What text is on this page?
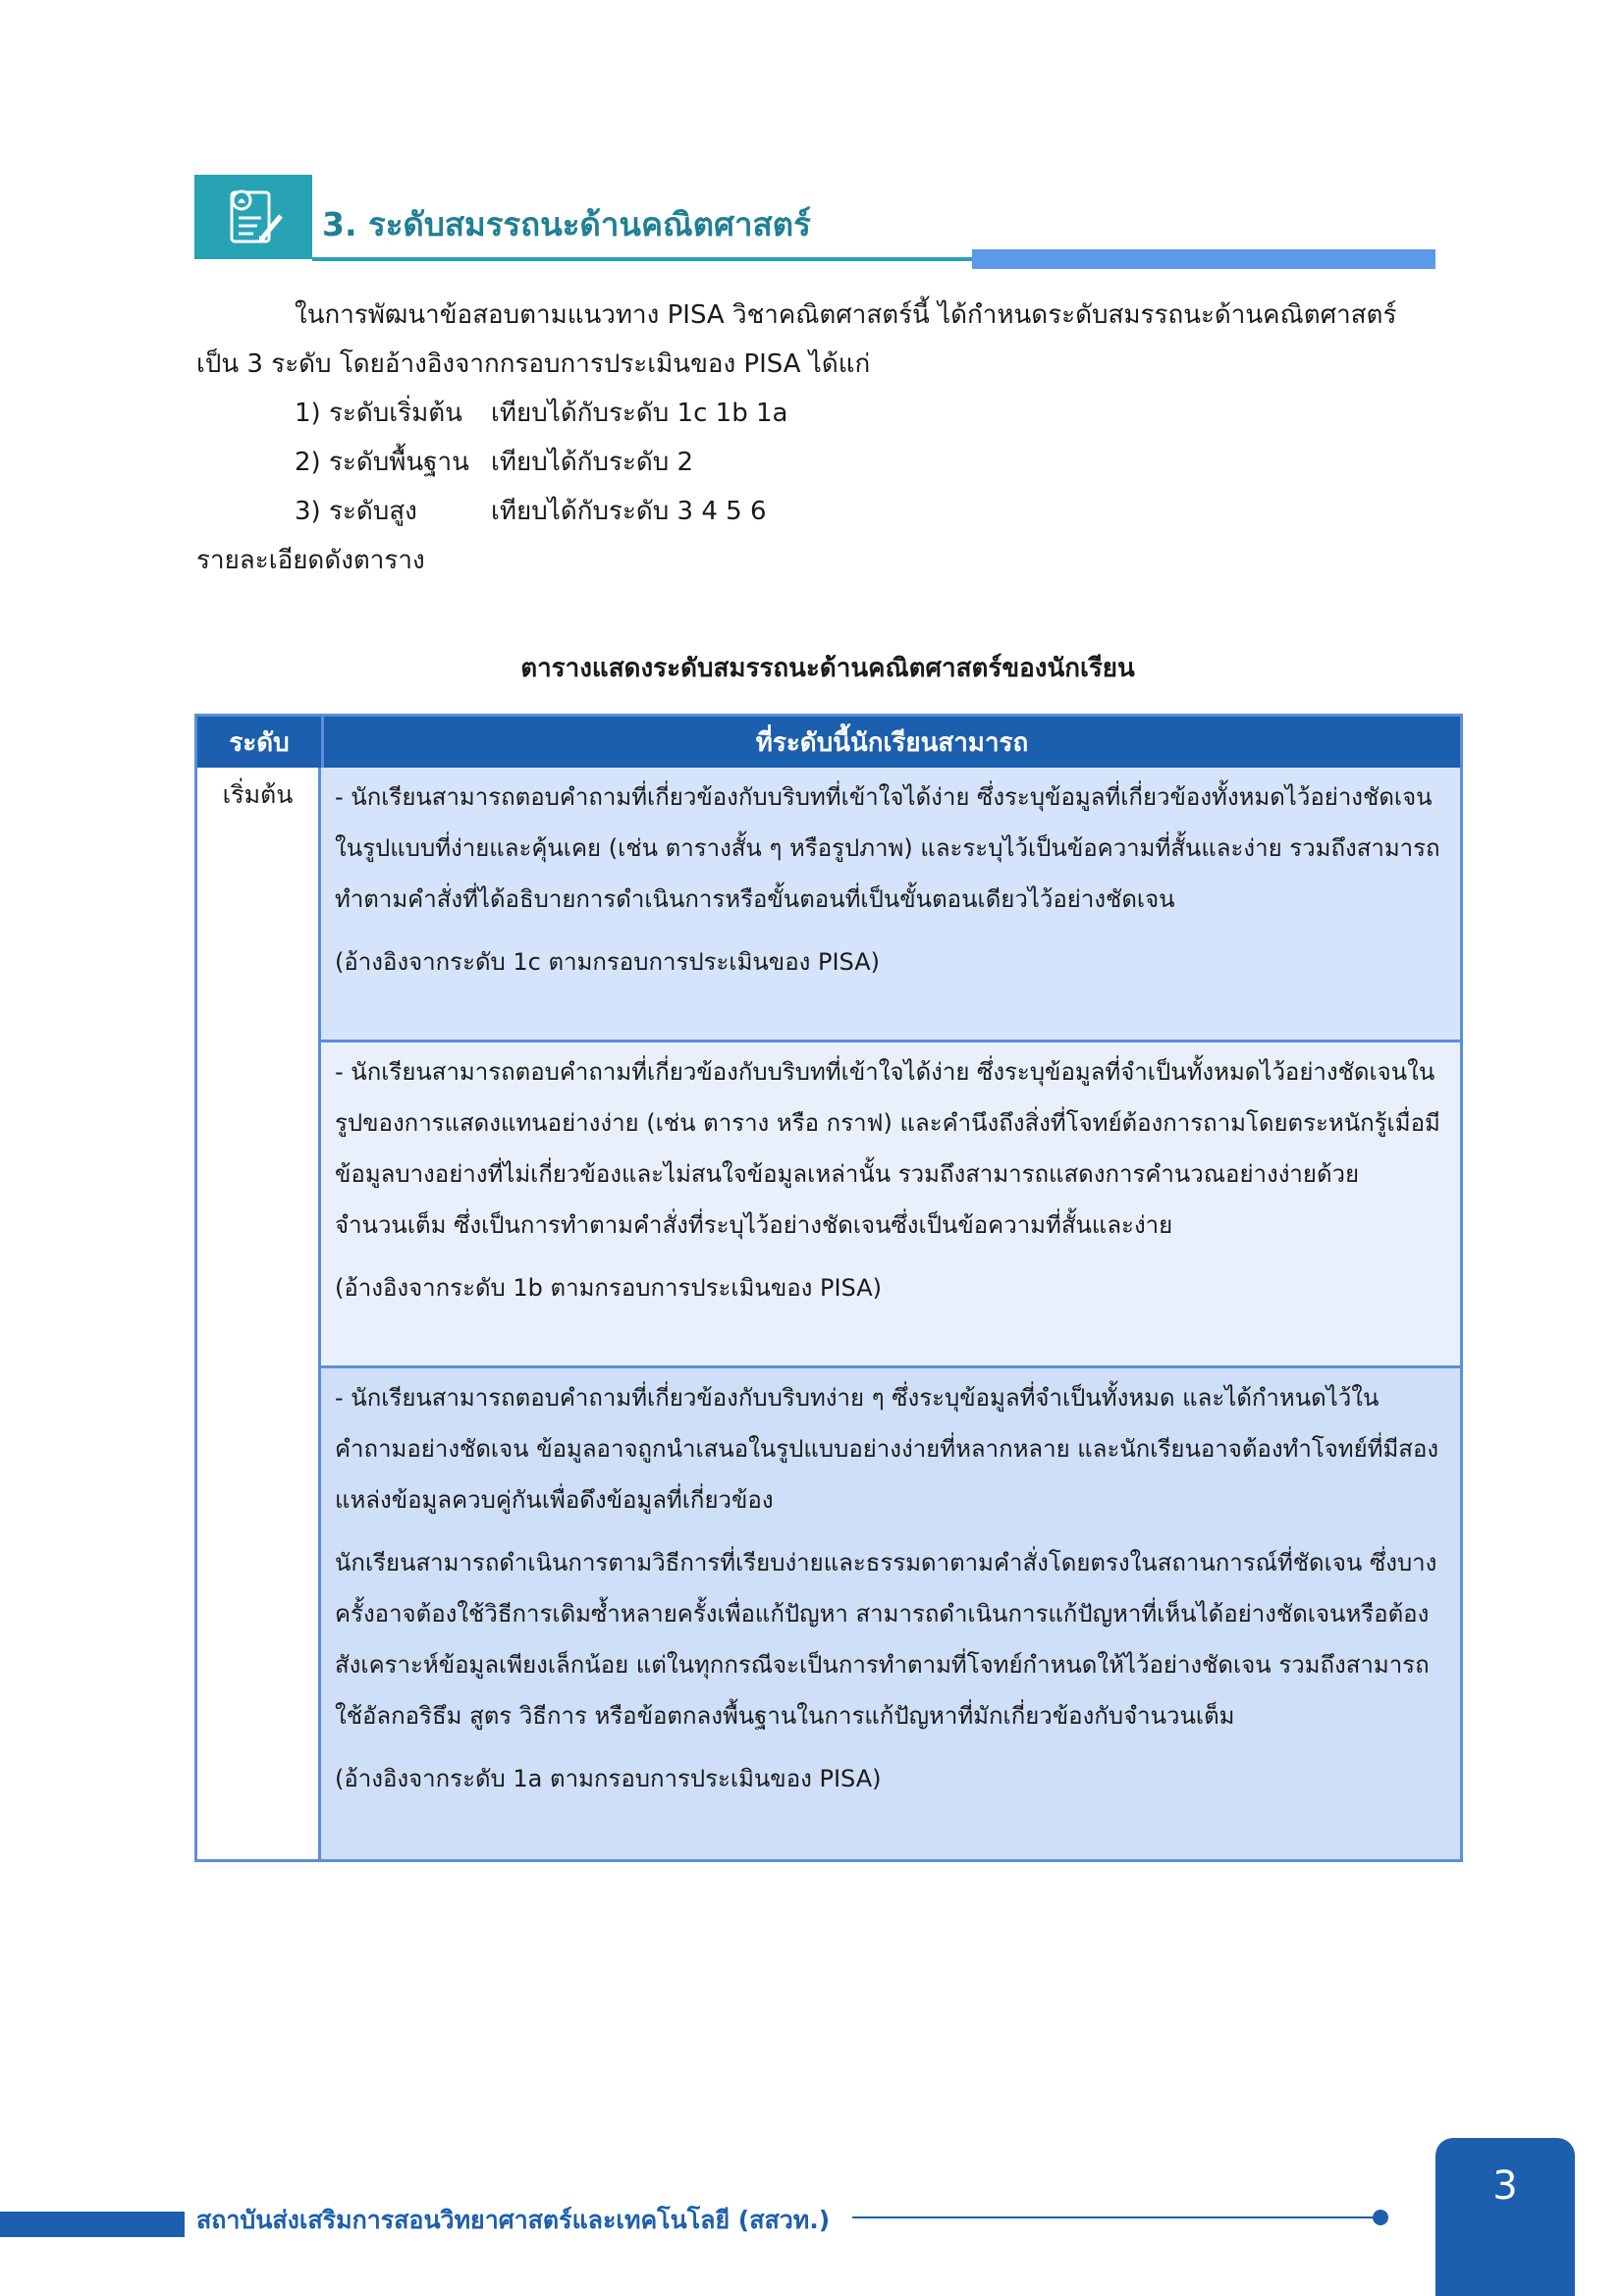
3. ระดับสมรรถนะด้านคณิตศาสตร์

ในการพัฒนาข้อสอบตามแนวทาง PISA วิชาคณิตศาสตร์นี้ ได้กำหนดระดับสมรรถนะด้านคณิตศาสตร์

เป็น 3 ระดับ โดยอ้างอิงจากกรอบการประเมินของ PISA ได้แก่

1) ระดับเริ่มต้น	เทียบได้กับระดับ 1c 1b 1a
2) ระดับพื้นฐาน เทียบได้กับระดับ 2
3) ระดับสูง	เทียบได้กับระดับ 3 4 5 6

รายละเอียดดังตาราง

ตารางแสดงระดับสมรรถนะด้านคณิตศาสตร์ของนักเรียน
ระดับ	ที่ระดับนี้นักเรียนสามารถ
เริ่มต้น	- นักเรียนสามารถตอบคำถามที่เกี่ยวข้องกับบริบทที่เข้าใจได้ง่าย ซึ่งระบุข้อมูลที่เกี่ยวข้องทั้งหมดไว้อย่างชัดเจนในรูปแบบที่ง่ายและคุ้นเคย (เช่น ตารางสั้น ๆ หรือรูปภาพ) และระบุไว้เป็นข้อความที่สั้นและง่าย รวมถึงสามารถทำตามคำสั่งที่ได้อธิบายการดำเนินการหรือขั้นตอนที่เป็นขั้นตอนเดียวไว้อย่างชัดเจน

(อ้างอิงจากระดับ 1c ตามกรอบการประเมินของ PISA)

- นักเรียนสามารถตอบคำถามที่เกี่ยวข้องกับบริบทที่เข้าใจได้ง่าย ซึ่งระบุข้อมูลที่จำเป็นทั้งหมดไว้อย่างชัดเจนในรูปของการแสดงแทนอย่างง่าย (เช่น ตาราง หรือ กราฟ) และคำนึงถึงสิ่งที่โจทย์ต้องการถามโดยตระหนักรู้เมื่อมีข้อมูลบางอย่างที่ไม่เกี่ยวข้องและไม่สนใจข้อมูลเหล่านั้น รวมถึงสามารถแสดงการคำนวณอย่างง่ายด้วยจำนวนเต็ม ซึ่งเป็นการทำตามคำสั่งที่ระบุไว้อย่างชัดเจนซึ่งเป็นข้อความที่สั้นและง่าย

(อ้างอิงจากระดับ 1b ตามกรอบการประเมินของ PISA)

- นักเรียนสามารถตอบคำถามที่เกี่ยวข้องกับบริบทง่าย ๆ ซึ่งระบุข้อมูลที่จำเป็นทั้งหมด และได้กำหนดไว้ในคำถามอย่างชัดเจน ข้อมูลอาจถูกนำเสนอในรูปแบบอย่างง่ายที่หลากหลาย และนักเรียนอาจต้องทำโจทย์ที่มีสองแหล่งข้อมูลควบคู่กันเพื่อดึงข้อมูลที่เกี่ยวข้อง

นักเรียนสามารถดำเนินการตามวิธีการที่เรียบง่ายและธรรมดาตามคำสั่งโดยตรงในสถานการณ์ที่ชัดเจน ซึ่งบางครั้งอาจต้องใช้วิธีการเดิมซ้ำหลายครั้งเพื่อแก้ปัญหา สามารถดำเนินการแก้ปัญหาที่เห็นได้อย่างชัดเจนหรือต้องสังเคราะห์ข้อมูลเพียงเล็กน้อย แต่ในทุกกรณีจะเป็นการทำตามที่โจทย์กำหนดให้ไว้อย่างชัดเจน รวมถึงสามารถใช้อัลกอริธึม สูตร วิธีการ หรือข้อตกลงพื้นฐานในการแก้ปัญหาที่มักเกี่ยวข้องกับจำนวนเต็ม

(อ้างอิงจากระดับ 1a ตามกรอบการประเมินของ PISA)

สถาบันส่งเสริมการสอนวิทยาศาสตร์และเทคโนโลยี (สสวท.)
3
